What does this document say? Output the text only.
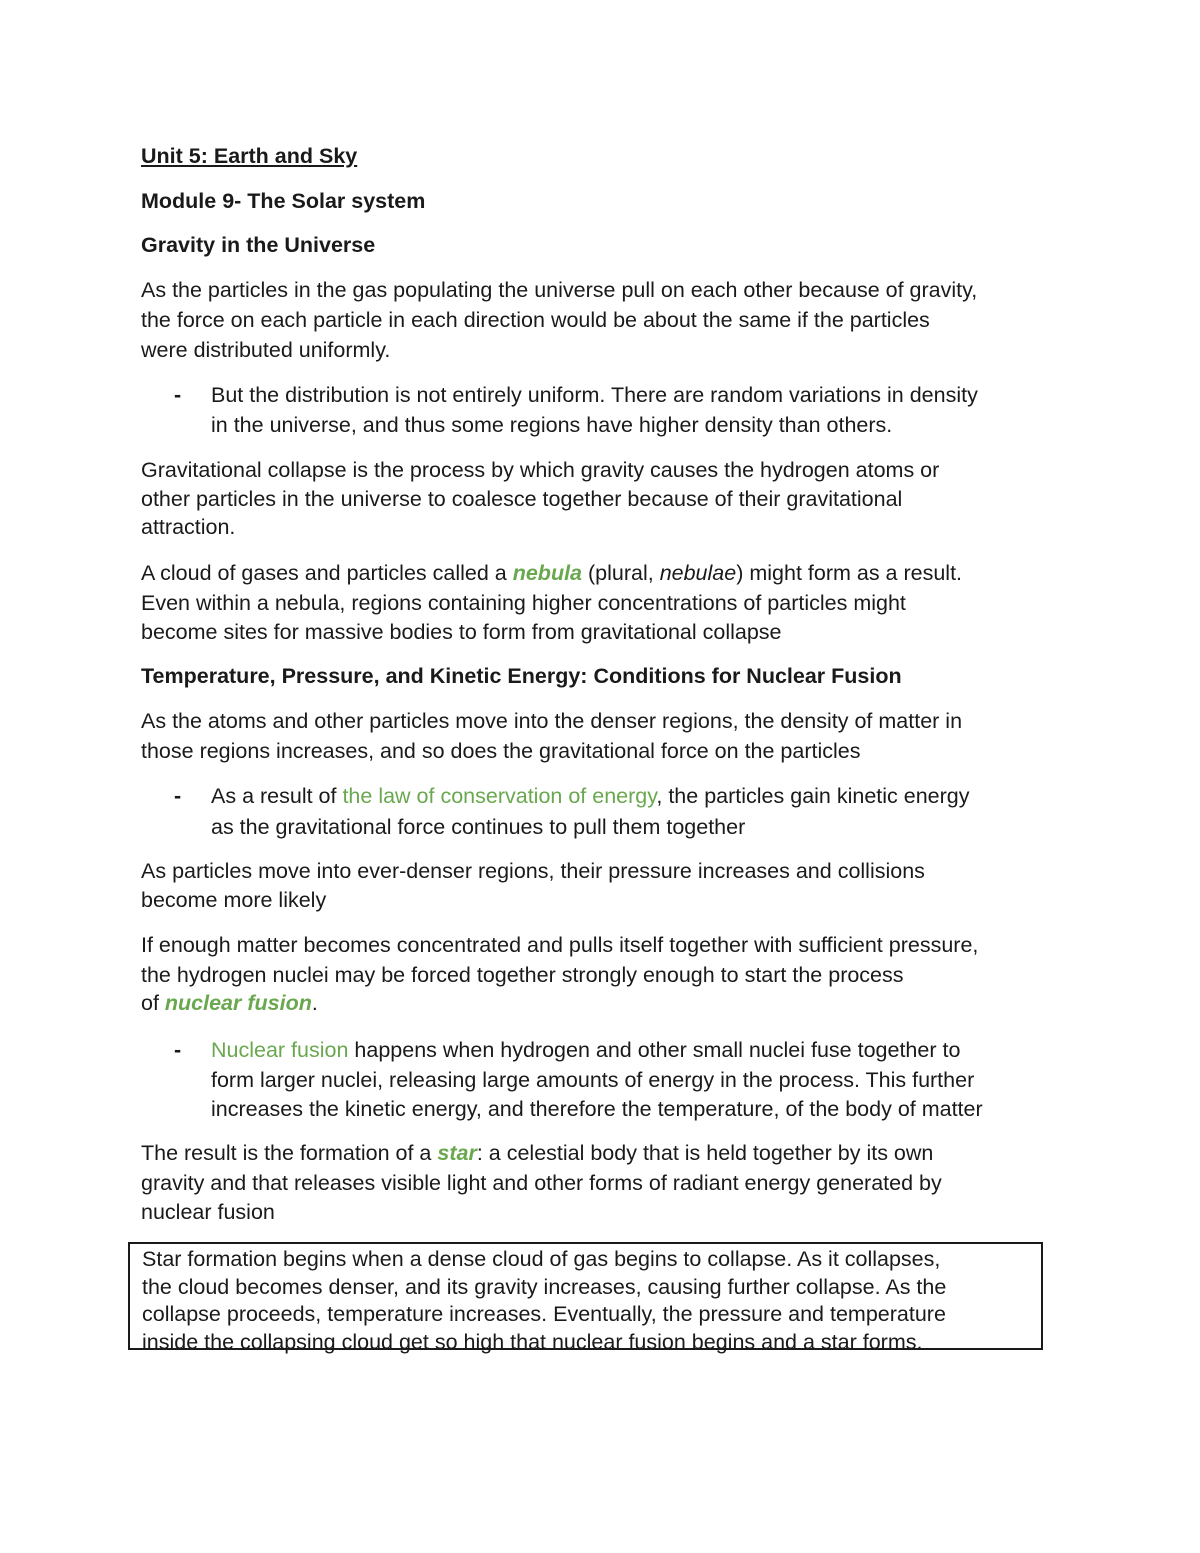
Unit 5: Earth and Sky
Module 9- The Solar system
Gravity in the Universe
As the particles in the gas populating the universe pull on each other because of gravity,
the force on each particle in each direction would be about the same if the particles
were distributed uniformly.
- But the distribution is not entirely uniform. There are random variations in density
in the universe, and thus some regions have higher density than others.
Gravitational collapse is the process by which gravity causes the hydrogen atoms or
other particles in the universe to coalesce together because of their gravitational
attraction.
A cloud of gases and particles called a nebula (plural, nebulae) might form as a result.
Even within a nebula, regions containing higher concentrations of particles might
become sites for massive bodies to form from gravitational collapse
Temperature, Pressure, and Kinetic Energy: Conditions for Nuclear Fusion
As the atoms and other particles move into the denser regions, the density of matter in
those regions increases, and so does the gravitational force on the particles
- As a result of the law of conservation of energy, the particles gain kinetic energy
as the gravitational force continues to pull them together
As particles move into ever-denser regions, their pressure increases and collisions
become more likely
If enough matter becomes concentrated and pulls itself together with sufficient pressure,
the hydrogen nuclei may be forced together strongly enough to start the process
of nuclear fusion.
- Nuclear fusion happens when hydrogen and other small nuclei fuse together to
form larger nuclei, releasing large amounts of energy in the process. This further
increases the kinetic energy, and therefore the temperature, of the body of matter
The result is the formation of a star: a celestial body that is held together by its own
gravity and that releases visible light and other forms of radiant energy generated by
nuclear fusion
Star formation begins when a dense cloud of gas begins to collapse. As it collapses,
the cloud becomes denser, and its gravity increases, causing further collapse. As the
collapse proceeds, temperature increases. Eventually, the pressure and temperature
inside the collapsing cloud get so high that nuclear fusion begins and a star forms.
